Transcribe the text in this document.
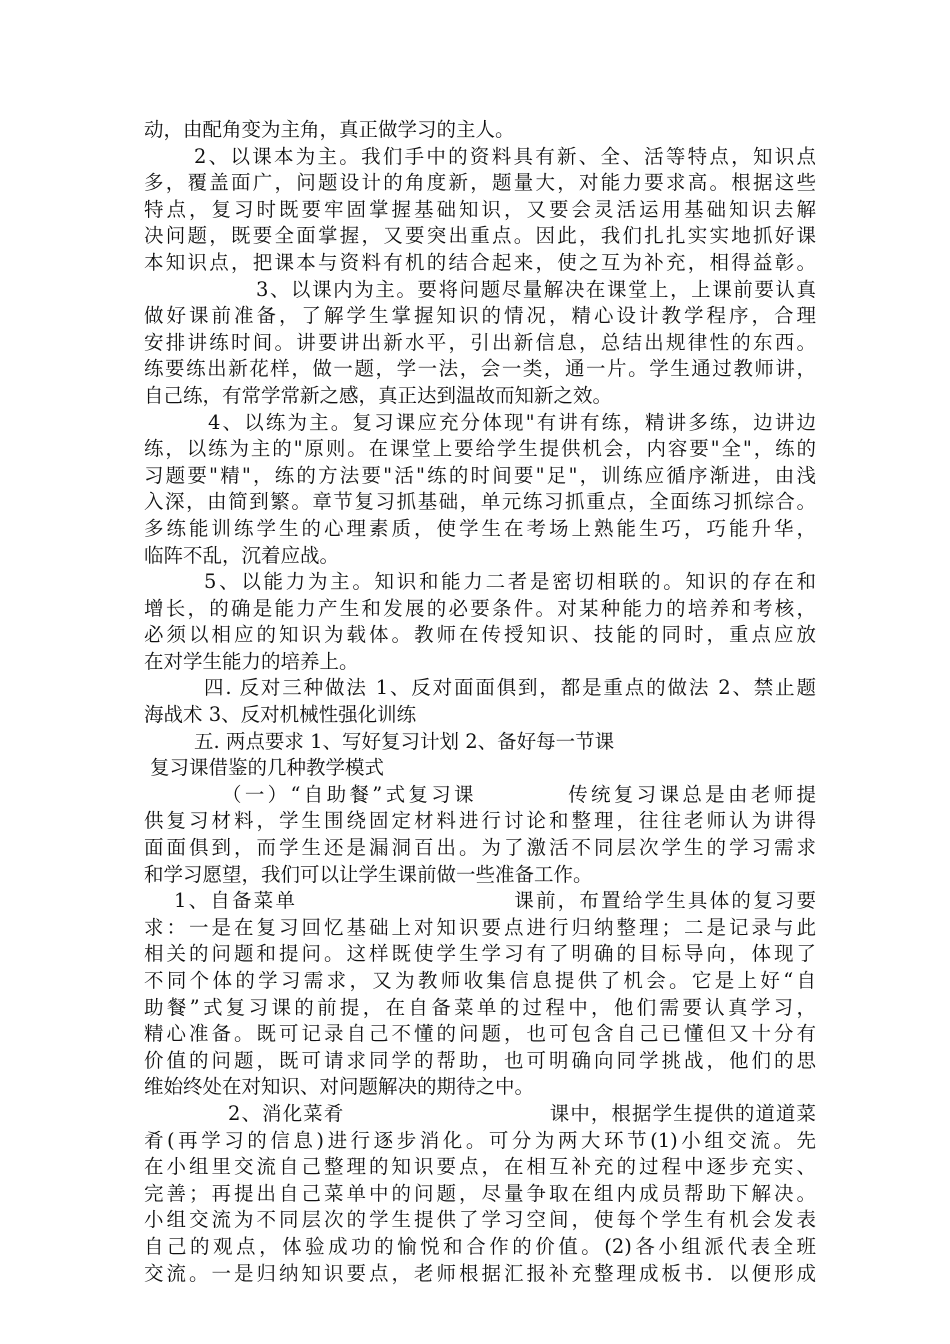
动，由配角变为主角，真正做学习的主人。
2、以课本为主。我们手中的资料具有新、全、活等特点，知识点
多，覆盖面广，问题设计的角度新，题量大，对能力要求高。根据这些
特点，复习时既要牢固掌握基础知识，又要会灵活运用基础知识去解
决问题，既要全面掌握，又要突出重点。因此，我们扎扎实实地抓好课
本知识点，把课本与资料有机的结合起来，使之互为补充，相得益彰。
3、以课内为主。要将问题尽量解决在课堂上，上课前要认真
做好课前准备，了解学生掌握知识的情况，精心设计教学程序，合理
安排讲练时间。讲要讲出新水平，引出新信息，总结出规律性的东西。
练要练出新花样，做一题，学一法，会一类，通一片。学生通过教师讲，
自己练，有常学常新之感，真正达到温故而知新之效。
4、以练为主。复习课应充分体现"有讲有练，精讲多练，边讲边
练，以练为主的"原则。在课堂上要给学生提供机会，内容要"全"，练的
习题要"精"，练的方法要"活"练的时间要"足"，训练应循序渐进，由浅
入深，由简到繁。章节复习抓基础，单元练习抓重点，全面练习抓综合。
多练能训练学生的心理素质，使学生在考场上熟能生巧，巧能升华，
临阵不乱，沉着应战。
5、以能力为主。知识和能力二者是密切相联的。知识的存在和
增长，的确是能力产生和发展的必要条件。对某种能力的培养和考核，
必须以相应的知识为载体。教师在传授知识、技能的同时，重点应放
在对学生能力的培养上。
四. 反对三种做法 1、反对面面俱到，都是重点的做法 2、禁止题
海战术 3、反对机械性强化训练
五. 两点要求 1、写好复习计划 2、备好每一节课
复习课借鉴的几种教学模式
（一）“自助餐”式复习课　　　　传统复习课总是由老师提
供复习材料，学生围绕固定材料进行讨论和整理，往往老师认为讲得
面面俱到，而学生还是漏洞百出。为了激活不同层次学生的学习需求
和学习愿望，我们可以让学生课前做一些准备工作。
1、自备菜单　　　　　　　　　　课前，布置给学生具体的复习要
求：一是在复习回忆基础上对知识要点进行归纳整理；二是记录与此
相关的问题和提问。这样既使学生学习有了明确的目标导向，体现了
不同个体的学习需求，又为教师收集信息提供了机会。它是上好“自
助餐”式复习课的前提，在自备菜单的过程中，他们需要认真学习，
精心准备。既可记录自己不懂的问题，也可包含自己已懂但又十分有
价值的问题，既可请求同学的帮助，也可明确向同学挑战，他们的思
维始终处在对知识、对问题解决的期待之中。
2、消化菜肴　　　　　　　　　　课中，根据学生提供的道道菜
肴(再学习的信息)进行逐步消化。可分为两大环节(1)小组交流。先
在小组里交流自己整理的知识要点，在相互补充的过程中逐步充实、
完善；再提出自己菜单中的问题，尽量争取在组内成员帮助下解决。
小组交流为不同层次的学生提供了学习空间，使每个学生有机会发表
自己的观点，体验成功的愉悦和合作的价值。(2)各小组派代表全班
交流。一是归纳知识要点，老师根据汇报补充整理成板书．以便形成
